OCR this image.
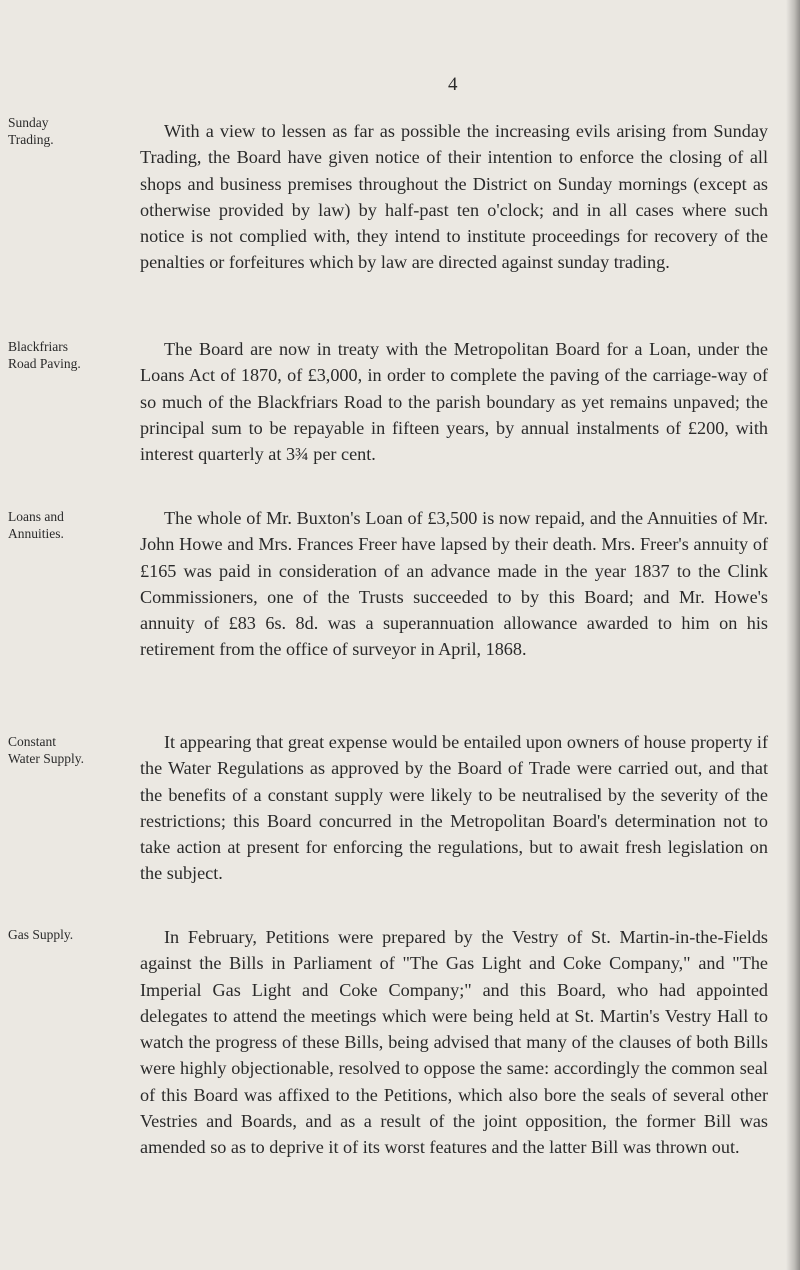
4
Sunday
Trading.	With a view to lessen as far as possible the increasing evils arising from Sunday Trading, the Board have given notice of their intention to enforce the closing of all shops and business premises throughout the District on Sunday mornings (except as otherwise provided by law) by half-past ten o'clock; and in all cases where such notice is not complied with, they intend to institute proceedings for recovery of the penalties or forfeitures which by law are directed against sunday trading.
Blackfriars
Road Paving.
The Board are now in treaty with the Metropolitan Board for a Loan, under the Loans Act of 1870, of £3,000, in order to complete the paving of the carriage-way of so much of the Blackfriars Road to the parish boundary as yet remains unpaved; the principal sum to be repayable in fifteen years, by annual instalments of £200, with interest quarterly at 3¾ per cent.
Loans and
Annuities.
The whole of Mr. Buxton's Loan of £3,500 is now repaid, and the Annuities of Mr. John Howe and Mrs. Frances Freer have lapsed by their death. Mrs. Freer's annuity of £165 was paid in consideration of an advance made in the year 1837 to the Clink Commissioners, one of the Trusts succeeded to by this Board; and Mr. Howe's annuity of £83 6s. 8d. was a superannuation allowance awarded to him on his retirement from the office of surveyor in April, 1868.
Constant
Water Supply.
It appearing that great expense would be entailed upon owners of house property if the Water Regulations as approved by the Board of Trade were carried out, and that the benefits of a constant supply were likely to be neutralised by the severity of the restrictions; this Board concurred in the Metropolitan Board's determination not to take action at present for enforcing the regulations, but to await fresh legislation on the subject.
Gas Supply.	In February, Petitions were prepared by the Vestry of St. Martin-in-the-Fields against the Bills in Parliament of "The Gas Light and Coke Company," and "The Imperial Gas Light and Coke Company;" and this Board, who had appointed delegates to attend the meetings which were being held at St. Martin's Vestry Hall to watch the progress of these Bills, being advised that many of the clauses of both Bills were highly objectionable, resolved to oppose the same: accordingly the common seal of this Board was affixed to the Petitions, which also bore the seals of several other Vestries and Boards, and as a result of the joint opposition, the former Bill was amended so as to deprive it of its worst features and the latter Bill was thrown out.
